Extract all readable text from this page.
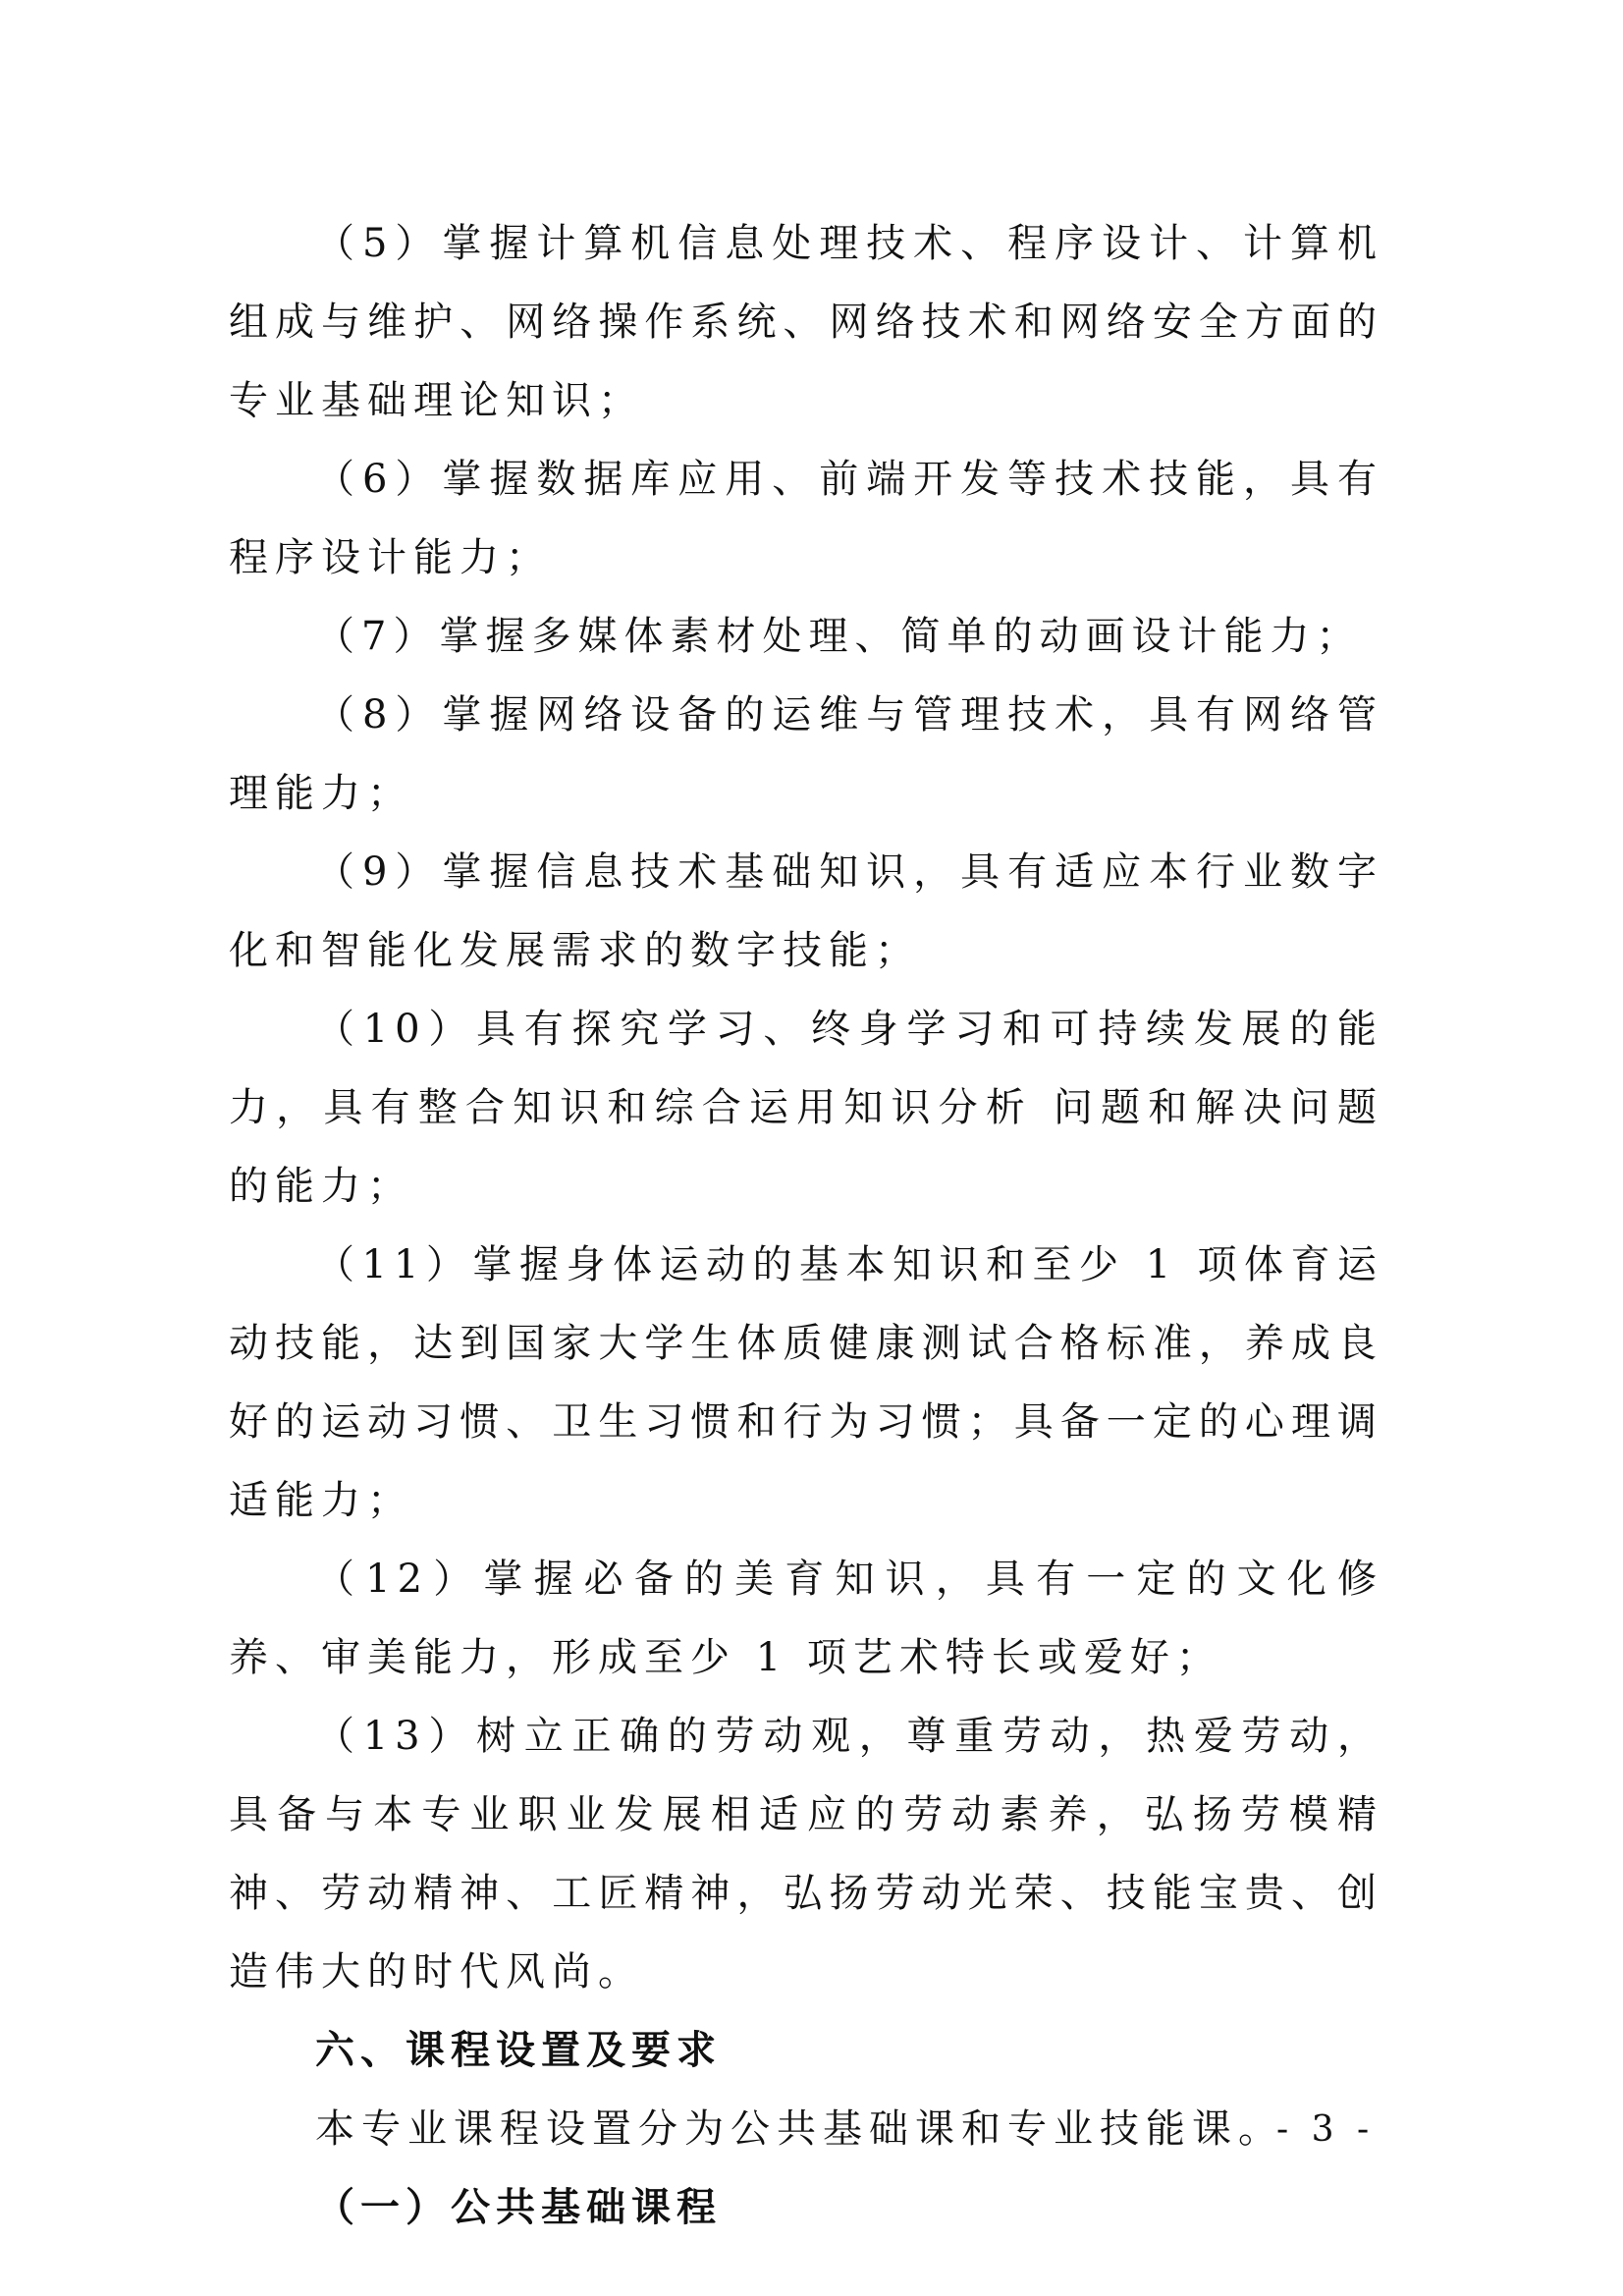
（5）掌握计算机信息处理技术、程序设计、计算机组成与维护、网络操作系统、网络技术和网络安全方面的专业基础理论知识；

（6）掌握数据库应用、前端开发等技术技能，具有程序设计能力；

（7）掌握多媒体素材处理、简单的动画设计能力；

（8）掌握网络设备的运维与管理技术，具有网络管理能力；

（9）掌握信息技术基础知识，具有适应本行业数字化和智能化发展需求的数字技能；

（10）具有探究学习、终身学习和可持续发展的能力，具有整合知识和综合运用知识分析 问题和解决问题的能力；

（11）掌握身体运动的基本知识和至少 1 项体育运动技能，达到国家大学生体质健康测试合格标准，养成良好的运动习惯、卫生习惯和行为习惯；具备一定的心理调适能力；

（12）掌握必备的美育知识，具有一定的文化修养、审美能力，形成至少 1 项艺术特长或爱好；

（13）树立正确的劳动观，尊重劳动，热爱劳动，具备与本专业职业发展相适应的劳动素养，弘扬劳模精神、劳动精神、工匠精神，弘扬劳动光荣、技能宝贵、创造伟大的时代风尚。

六、课程设置及要求

本专业课程设置分为公共基础课和专业技能课。

（一）公共基础课程

- 3 -
